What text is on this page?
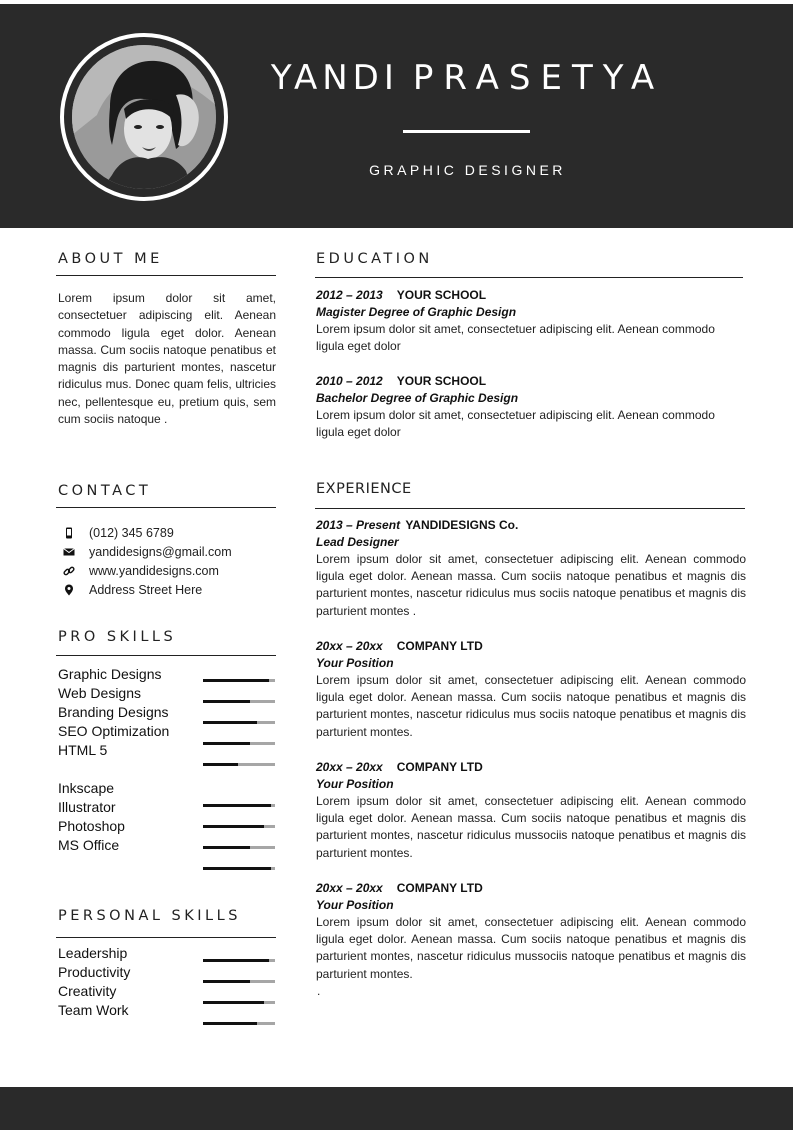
YANDI PRASETYA
GRAPHIC DESIGNER
ABOUT ME

Lorem ipsum dolor sit amet, consectetuer adipiscing elit. Aenean commodo ligula eget dolor. Aenean massa. Cum sociis natoque penatibus et magnis dis parturient montes, nascetur ridiculus mus. Donec quam felis, ultricies nec, pellentesque eu, pretium quis, sem cum sociis natoque .

CONTACT
(012) 345 6789
yandidesigns@gmail.com
www.yandidesigns.com
Address Street Here
PRO SKILLS
Graphic Designs
Web Designs
Branding Designs
SEO Optimization
HTML 5
Inkscape
Illustrator
Photoshop
MS Office
PERSONAL SKILLS
Leadership
Productivity
Creativity
Team Work
EDUCATION
2012 – 2013 YOUR SCHOOL
Magister Degree of Graphic Design
Lorem ipsum dolor sit amet, consectetuer adipiscing elit. Aenean commodo ligula eget dolor
2010 – 2012 YOUR SCHOOL
Bachelor Degree of Graphic Design
Lorem ipsum dolor sit amet, consectetuer adipiscing elit. Aenean commodo ligula eget dolor
EXPERIENCE
2013 – Present YANDIDESIGNS Co.
Lead Designer
Lorem ipsum dolor sit amet, consectetuer adipiscing elit. Aenean commodo ligula eget dolor. Aenean massa. Cum sociis natoque penatibus et magnis dis parturient montes, nascetur ridiculus mus sociis natoque penatibus et magnis dis parturient montes .
20xx – 20xx COMPANY LTD
Your Position
Lorem ipsum dolor sit amet, consectetuer adipiscing elit. Aenean commodo ligula eget dolor. Aenean massa. Cum sociis natoque penatibus et magnis dis parturient montes, nascetur ridiculus mus sociis natoque penatibus et magnis dis parturient montes.
20xx – 20xx COMPANY LTD
Your Position
Lorem ipsum dolor sit amet, consectetuer adipiscing elit. Aenean commodo ligula eget dolor. Aenean massa. Cum sociis natoque penatibus et magnis dis parturient montes, nascetur ridiculus mussociis natoque penatibus et magnis dis parturient montes.
20xx – 20xx COMPANY LTD
Your Position
Lorem ipsum dolor sit amet, consectetuer adipiscing elit. Aenean commodo ligula eget dolor. Aenean massa. Cum sociis natoque penatibus et magnis dis parturient montes, nascetur ridiculus mussociis natoque penatibus et magnis dis parturient montes.
.
